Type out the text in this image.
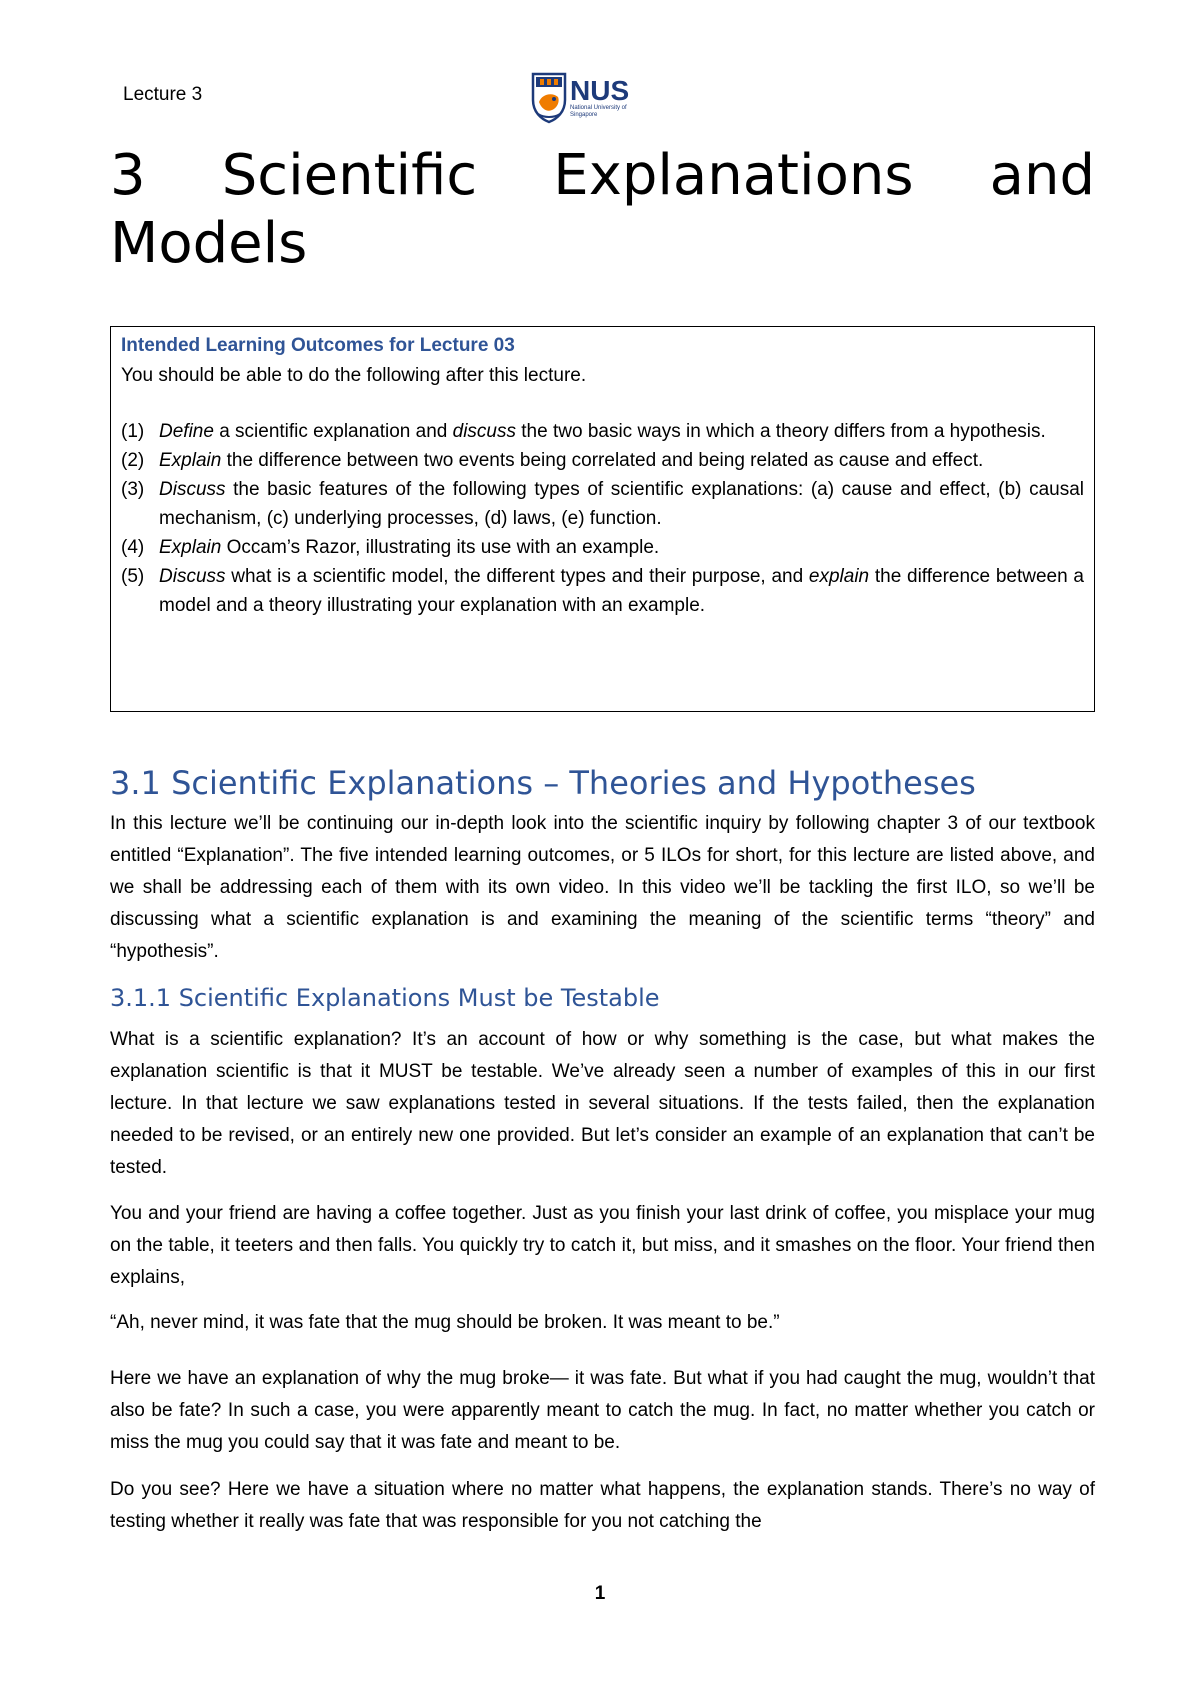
Lecture 3	NUS
National University of Singapore
3 Scientific Explanations and Models
Intended Learning Outcomes for Lecture 03
You should be able to do the following after this lecture.
(1) Define a scientific explanation and discuss the two basic ways in which a theory differs from a hypothesis.
(2) Explain the difference between two events being correlated and being related as cause and effect.
(3) Discuss the basic features of the following types of scientific explanations: (a) cause and effect, (b) causal mechanism, (c) underlying processes, (d) laws, (e) function.
(4) Explain Occam’s Razor, illustrating its use with an example.
(5) Discuss what is a scientific model, the different types and their purpose, and explain the difference between a model and a theory illustrating your explanation with an example.
3.1 Scientific Explanations – Theories and Hypotheses

In this lecture we’ll be continuing our in-depth look into the scientific inquiry by following chapter 3 of our textbook entitled “Explanation”. The five intended learning outcomes, or 5 ILOs for short, for this lecture are listed above, and we shall be addressing each of them with its own video. In this video we’ll be tackling the first ILO, so we’ll be discussing what a scientific explanation is and examining the meaning of the scientific terms “theory” and “hypothesis”.

3.1.1 Scientific Explanations Must be Testable

What is a scientific explanation? It’s an account of how or why something is the case, but what makes the explanation scientific is that it MUST be testable. We’ve already seen a number of examples of this in our first lecture. In that lecture we saw explanations tested in several situations. If the tests failed, then the explanation needed to be revised, or an entirely new one provided. But let’s consider an example of an explanation that can’t be tested.

You and your friend are having a coffee together. Just as you finish your last drink of coffee, you misplace your mug on the table, it teeters and then falls. You quickly try to catch it, but miss, and it smashes on the floor. Your friend then explains,

“Ah, never mind, it was fate that the mug should be broken. It was meant to be.”

Here we have an explanation of why the mug broke— it was fate. But what if you had caught the mug, wouldn’t that also be fate? In such a case, you were apparently meant to catch the mug. In fact, no matter whether you catch or miss the mug you could say that it was fate and meant to be.

Do you see? Here we have a situation where no matter what happens, the explanation stands. There’s no way of testing whether it really was fate that was responsible for you not catching the

1
